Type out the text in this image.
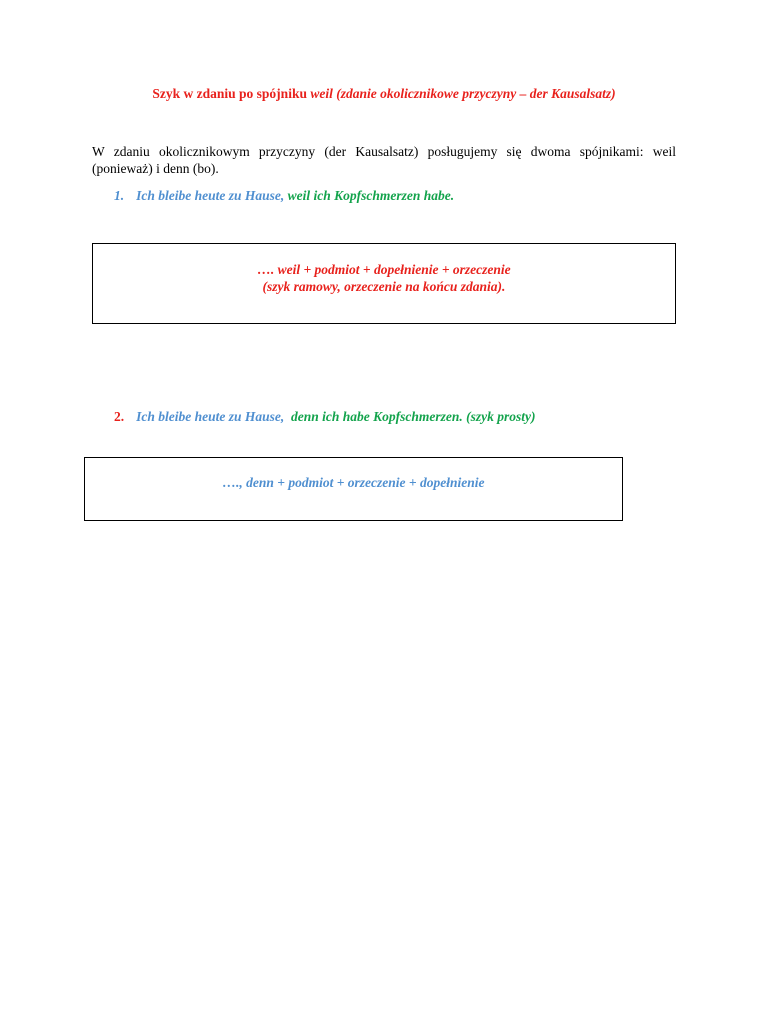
Szyk w zdaniu po spójniku weil (zdanie okolicznikowe przyczyny – der Kausalsatz)

W zdaniu okolicznikowym przyczyny (der Kausalsatz) posługujemy się dwoma spójnikami: weil (ponieważ) i denn (bo).

1. Ich bleibe heute zu Hause, weil ich Kopfschmerzen habe.
…. weil + podmiot + dopełnienie + orzeczenie
(szyk ramowy, orzeczenie na końcu zdania).
2. Ich bleibe heute zu Hause, denn ich habe Kopfschmerzen. (szyk prosty)
…., denn + podmiot + orzeczenie + dopełnienie
